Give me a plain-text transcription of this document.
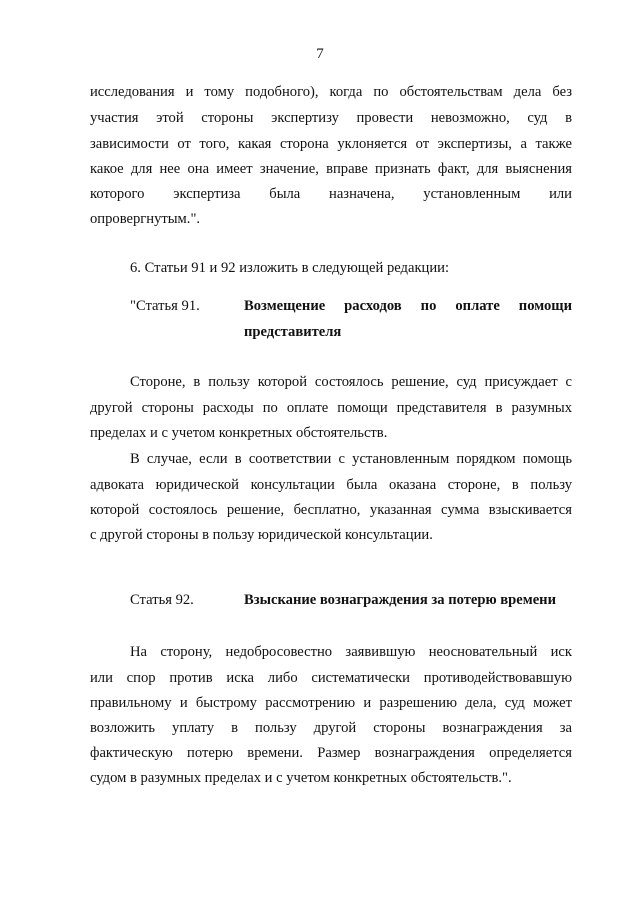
7
исследования и тому подобного), когда по обстоятельствам дела без
участия этой стороны экспертизу провести невозможно, суд в
зависимости от того, какая сторона уклоняется от экспертизы, а также
какое для нее она имеет значение, вправе признать факт, для выяснения
которого экспертиза была назначена, установленным или
опровергнутым.".
6. Статьи 91 и 92 изложить в следующей редакции:
"Статья 91.	Возмещение расходов по оплате помощи
представителя
Стороне, в пользу которой состоялось решение, суд присуждает с
другой стороны расходы по оплате помощи представителя в разумных
пределах и с учетом конкретных обстоятельств.
В случае, если в соответствии с установленным порядком помощь
адвоката юридической консультации была оказана стороне, в пользу
которой состоялось решение, бесплатно, указанная сумма взыскивается
с другой стороны в пользу юридической консультации.
Статья 92.	Взыскание вознаграждения за потерю времени
На сторону, недобросовестно заявившую неосновательный иск
или спор против иска либо систематически противодействовавшую
правильному и быстрому рассмотрению и разрешению дела, суд может
возложить уплату в пользу другой стороны вознаграждения за
фактическую потерю времени. Размер вознаграждения определяется
судом в разумных пределах и с учетом конкретных обстоятельств.".
